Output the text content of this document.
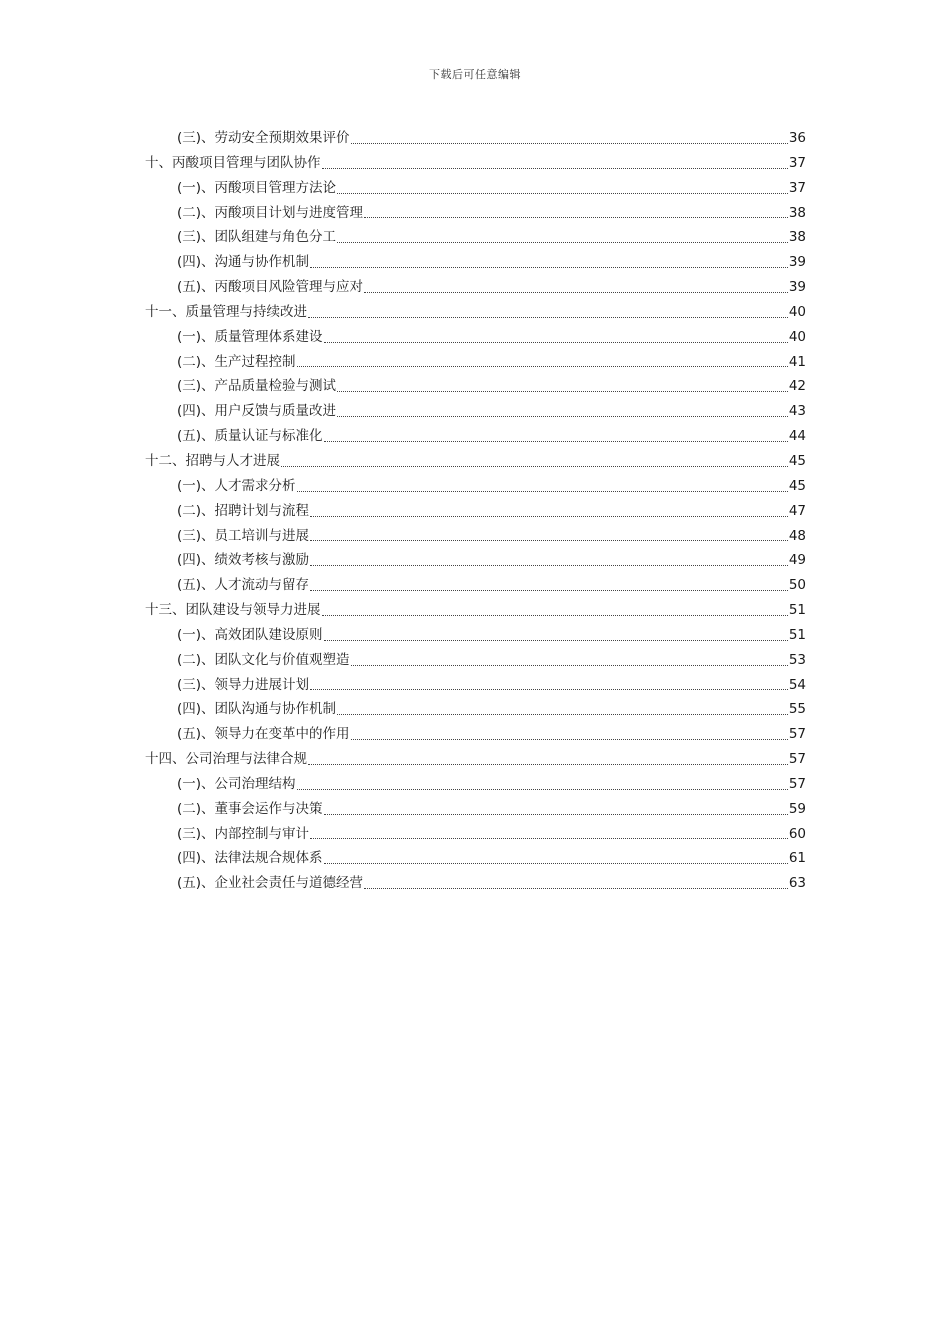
下载后可任意编辑
(三)、劳动安全预期效果评价	36
十、丙酸项目管理与团队协作	37
(一)、丙酸项目管理方法论	37
(二)、丙酸项目计划与进度管理	38
(三)、团队组建与角色分工	38
(四)、沟通与协作机制	39
(五)、丙酸项目风险管理与应对	39
十一、质量管理与持续改进	40
(一)、质量管理体系建设	40
(二)、生产过程控制	41
(三)、产品质量检验与测试	42
(四)、用户反馈与质量改进	43
(五)、质量认证与标准化	44
十二、招聘与人才进展	45
(一)、人才需求分析	45
(二)、招聘计划与流程	47
(三)、员工培训与进展	48
(四)、绩效考核与激励	49
(五)、人才流动与留存	50
十三、团队建设与领导力进展	51
(一)、高效团队建设原则	51
(二)、团队文化与价值观塑造	53
(三)、领导力进展计划	54
(四)、团队沟通与协作机制	55
(五)、领导力在变革中的作用	57
十四、公司治理与法律合规	57
(一)、公司治理结构	57
(二)、董事会运作与决策	59
(三)、内部控制与审计	60
(四)、法律法规合规体系	61
(五)、企业社会责任与道德经营	63
